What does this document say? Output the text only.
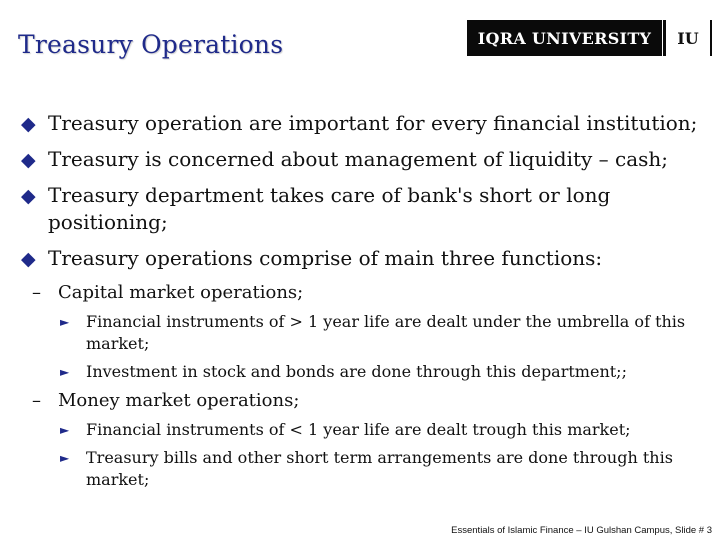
Treasury Operations	IQRA UNIVERSITY	IU
◆ Treasury operation are important for every financial institution;
◆ Treasury is concerned about management of liquidity – cash;
◆ Treasury department takes care of bank's short or long positioning;
◆ Treasury operations comprise of main three functions:
– Capital market operations;
►	Financial instruments of > 1 year life are dealt under the umbrella of this market;
►	Investment in stock and bonds are done through this department;;
– Money market operations;
►	Financial instruments of < 1 year life are dealt trough this market;
►	Treasury bills and other short term arrangements are done through this market;
Essentials of Islamic Finance – IU Gulshan Campus, Slide # 3
